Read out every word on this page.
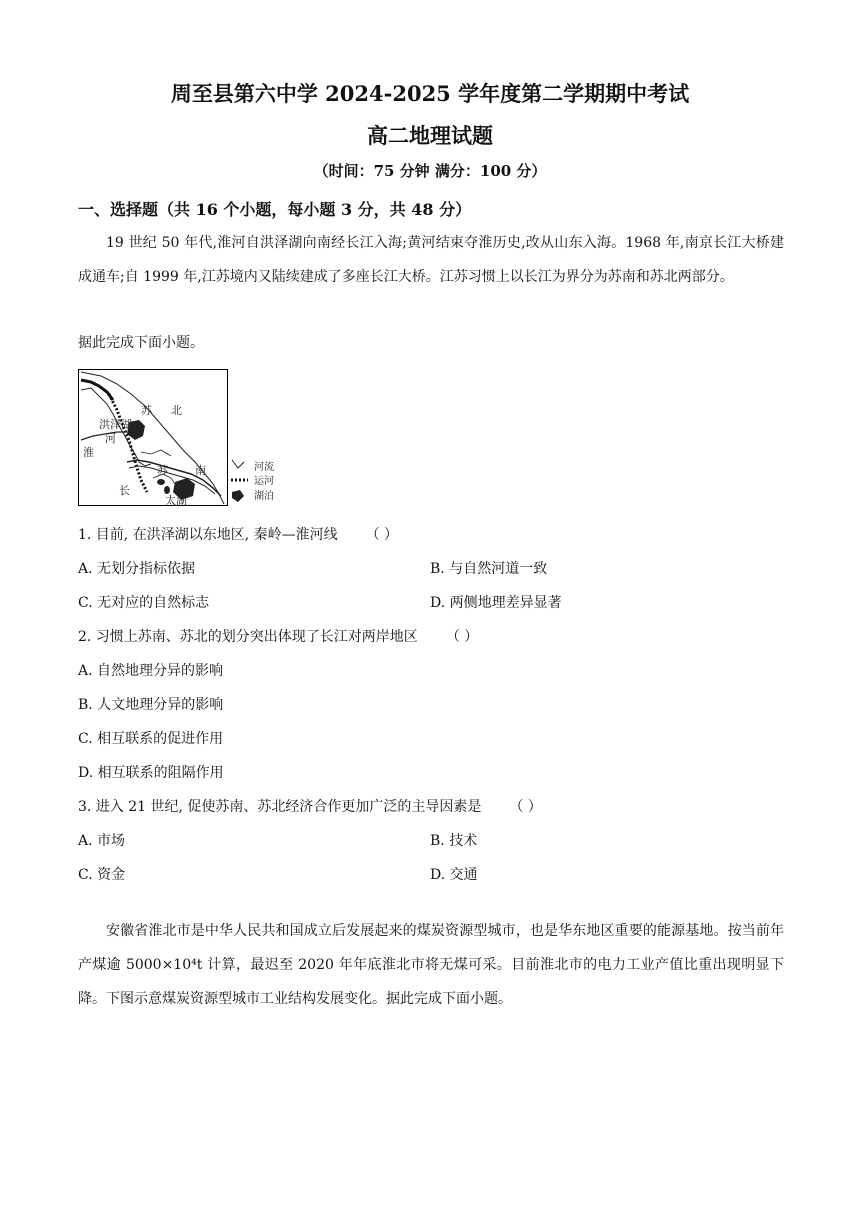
周至县第六中学 2024-2025 学年度第二学期期中考试
高二地理试题
（时间：75 分钟 满分：100 分）
一、选择题（共 16 个小题，每小题 3 分，共 48 分）
19 世纪 50 年代,淮河自洪泽湖向南经长江入海;黄河结束夺淮历史,改从山东入海。1968 年,南京长江大桥建成通车;自 1999 年,江苏境内又陆续建成了多座长江大桥。江苏习惯上以长江为界分为苏南和苏北两部分。
据此完成下面小题。
苏 北
洪泽湖
淮
河
苏 南
长
太湖
河流
运河
湖泊
1. 目前, 在洪泽湖以东地区, 秦岭—淮河线 （ ）
A. 无划分指标依据	B. 与自然河道一致
C. 无对应的自然标志	D. 两侧地理差异显著
2. 习惯上苏南、苏北的划分突出体现了长江对两岸地区 （ ）
A. 自然地理分异的影响
B. 人文地理分异的影响
C. 相互联系的促进作用
D. 相互联系的阻隔作用
3. 进入 21 世纪, 促使苏南、苏北经济合作更加广泛的主导因素是 （ ）
A. 市场	B. 技术
C. 资金	D. 交通
安徽省淮北市是中华人民共和国成立后发展起来的煤炭资源型城市，也是华东地区重要的能源基地。按当前年产煤逾 5000×10⁴t 计算，最迟至 2020 年年底淮北市将无煤可采。目前淮北市的电力工业产值比重出现明显下降。下图示意煤炭资源型城市工业结构发展变化。据此完成下面小题。
